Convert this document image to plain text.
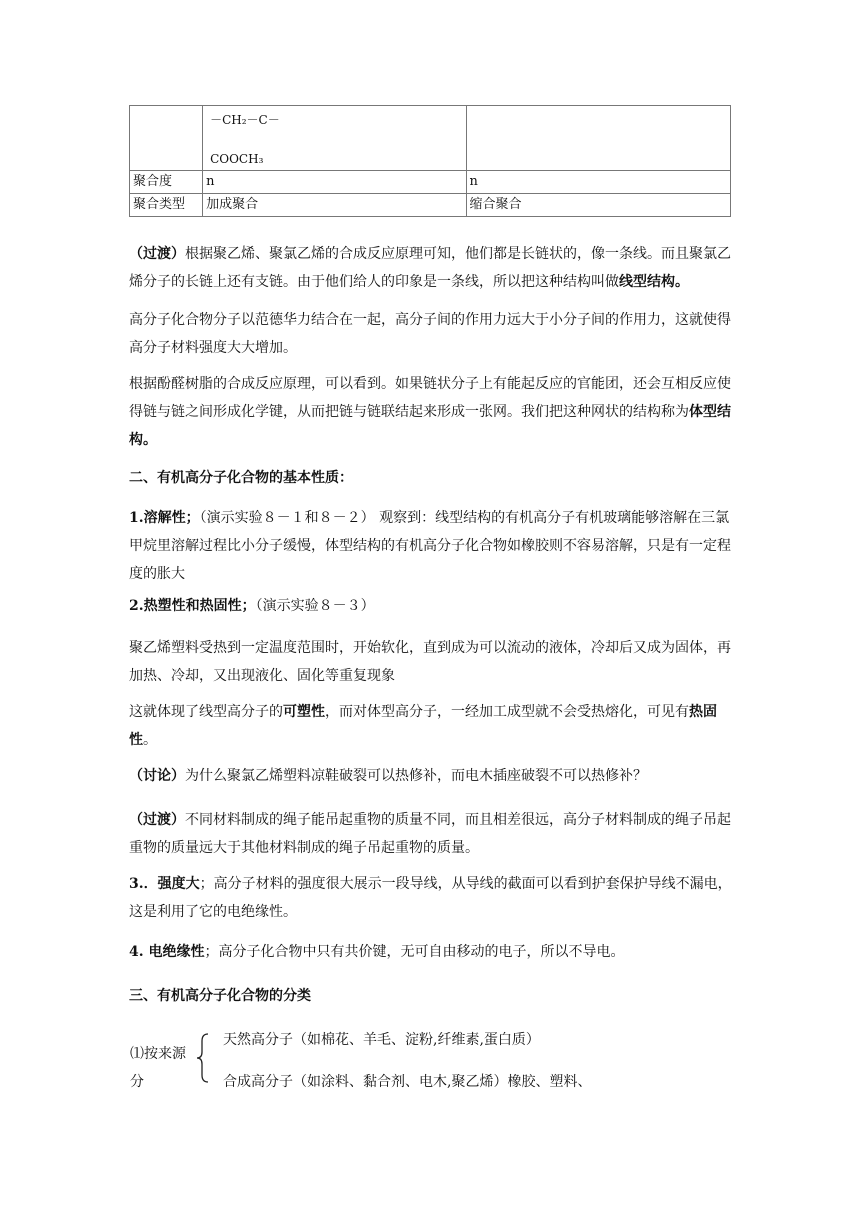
	－CH₂－C－
COOCH₃	

聚合度	n	n
聚合类型	加成聚合	缩合聚合

（过渡）根据聚乙烯、聚氯乙烯的合成反应原理可知，他们都是长链状的，像一条线。而且聚氯乙烯分子的长链上还有支链。由于他们给人的印象是一条线，所以把这种结构叫做线型结构。

高分子化合物分子以范德华力结合在一起，高分子间的作用力远大于小分子间的作用力，这就使得高分子材料强度大大增加。

根据酚醛树脂的合成反应原理，可以看到。如果链状分子上有能起反应的官能团，还会互相反应使得链与链之间形成化学键，从而把链与链联结起来形成一张网。我们把这种网状的结构称为体型结构。

二、有机高分子化合物的基本性质：

1.溶解性；（演示实验８－１和８－２） 观察到：线型结构的有机高分子有机玻璃能够溶解在三氯甲烷里溶解过程比小分子缓慢，体型结构的有机高分子化合物如橡胶则不容易溶解，只是有一定程度的胀大

2.热塑性和热固性；（演示实验８－３）

聚乙烯塑料受热到一定温度范围时，开始软化，直到成为可以流动的液体，冷却后又成为固体，再加热、冷却，又出现液化、固化等重复现象

这就体现了线型高分子的可塑性，而对体型高分子，一经加工成型就不会受热熔化，可见有热固性。

（讨论）为什么聚氯乙烯塑料凉鞋破裂可以热修补，而电木插座破裂不可以热修补？

（过渡）不同材料制成的绳子能吊起重物的质量不同，而且相差很远，高分子材料制成的绳子吊起重物的质量远大于其他材料制成的绳子吊起重物的质量。

3.．强度大；高分子材料的强度很大展示一段导线，从导线的截面可以看到护套保护导线不漏电，这是利用了它的电绝缘性。

4. 电绝缘性；高分子化合物中只有共价键，无可自由移动的电子，所以不导电。

三、有机高分子化合物的分类

⑴按来源分
天然高分子（如棉花、羊毛、淀粉,纤维素,蛋白质）
合成高分子（如涂料、黏合剂、电木,聚乙烯）橡胶、塑料、
